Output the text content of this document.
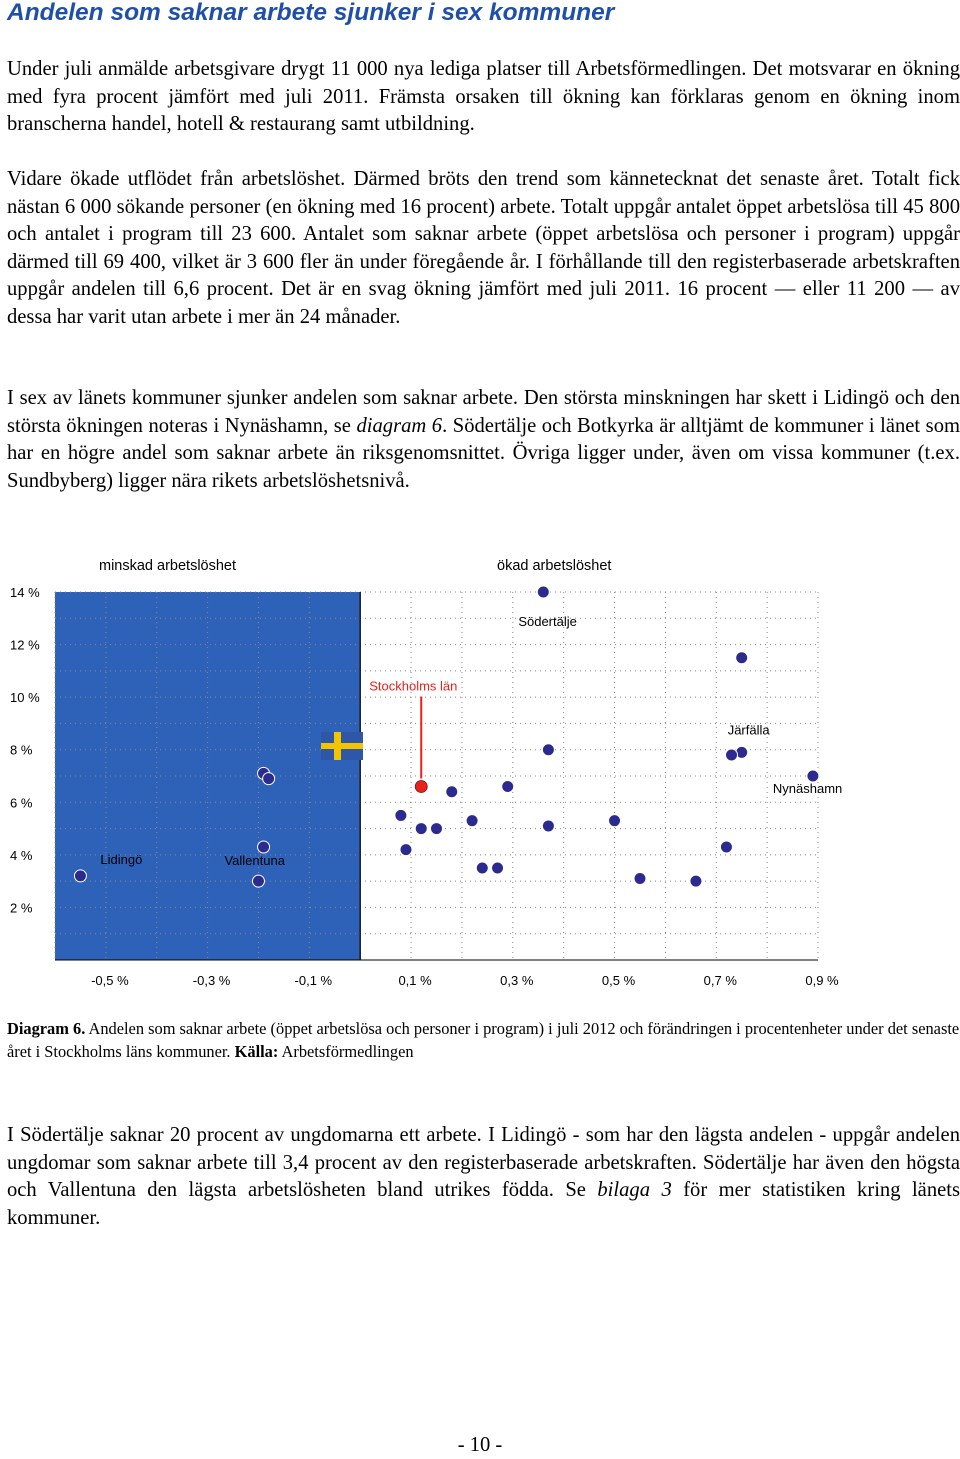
Andelen som saknar arbete sjunker i sex kommuner

Under juli anmälde arbetsgivare drygt 11 000 nya lediga platser till Arbetsförmedlingen. Det motsvarar en ökning med fyra procent jämfört med juli 2011. Främsta orsaken till ökning kan förklaras genom en ökning inom branscherna handel, hotell & restaurang samt utbildning.

Vidare ökade utflödet från arbetslöshet. Därmed bröts den trend som kännetecknat det senaste året. Totalt fick nästan 6 000 sökande personer (en ökning med 16 procent) arbete. Totalt uppgår antalet öppet arbetslösa till 45 800 och antalet i program till 23 600. Antalet som saknar arbete (öppet arbetslösa och personer i program) uppgår därmed till 69 400, vilket är 3 600 fler än under föregående år. I förhållande till den registerbaserade arbetskraften uppgår andelen till 6,6 procent. Det är en svag ökning jämfört med juli 2011. 16 procent — eller 11 200 — av dessa har varit utan arbete i mer än 24 månader.

I sex av länets kommuner sjunker andelen som saknar arbete. Den största minskningen har skett i Lidingö och den största ökningen noteras i Nynäshamn, se diagram 6. Södertälje och Botkyrka är alltjämt de kommuner i länet som har en högre andel som saknar arbete än riksgenomsnittet. Övriga ligger under, även om vissa kommuner (t.ex. Sundbyberg) ligger nära rikets arbetslöshetsnivå.

14 %
12 %
10 %
8 %
6 %
4 %
2 %
-0,5 %	-0,3 %	-0,1 %	0,1 %	0,3 %	0,5 %	0,7 %	0,9 %
minskad arbetslöshet	ökad arbetslöshet
Stockholms län
Lidingö	Vallentuna
Södertälje
Järfälla
Nynäshamn
Diagram 6. Andelen som saknar arbete (öppet arbetslösa och personer i program) i juli 2012 och förändringen i procentenheter under det senaste året i Stockholms läns kommuner. Källa: Arbetsförmedlingen

I Södertälje saknar 20 procent av ungdomarna ett arbete. I Lidingö - som har den lägsta andelen - uppgår andelen ungdomar som saknar arbete till 3,4 procent av den registerbaserade arbetskraften. Södertälje har även den högsta och Vallentuna den lägsta arbetslösheten bland utrikes födda. Se bilaga 3 för mer statistiken kring länets kommuner.

- 10 -
